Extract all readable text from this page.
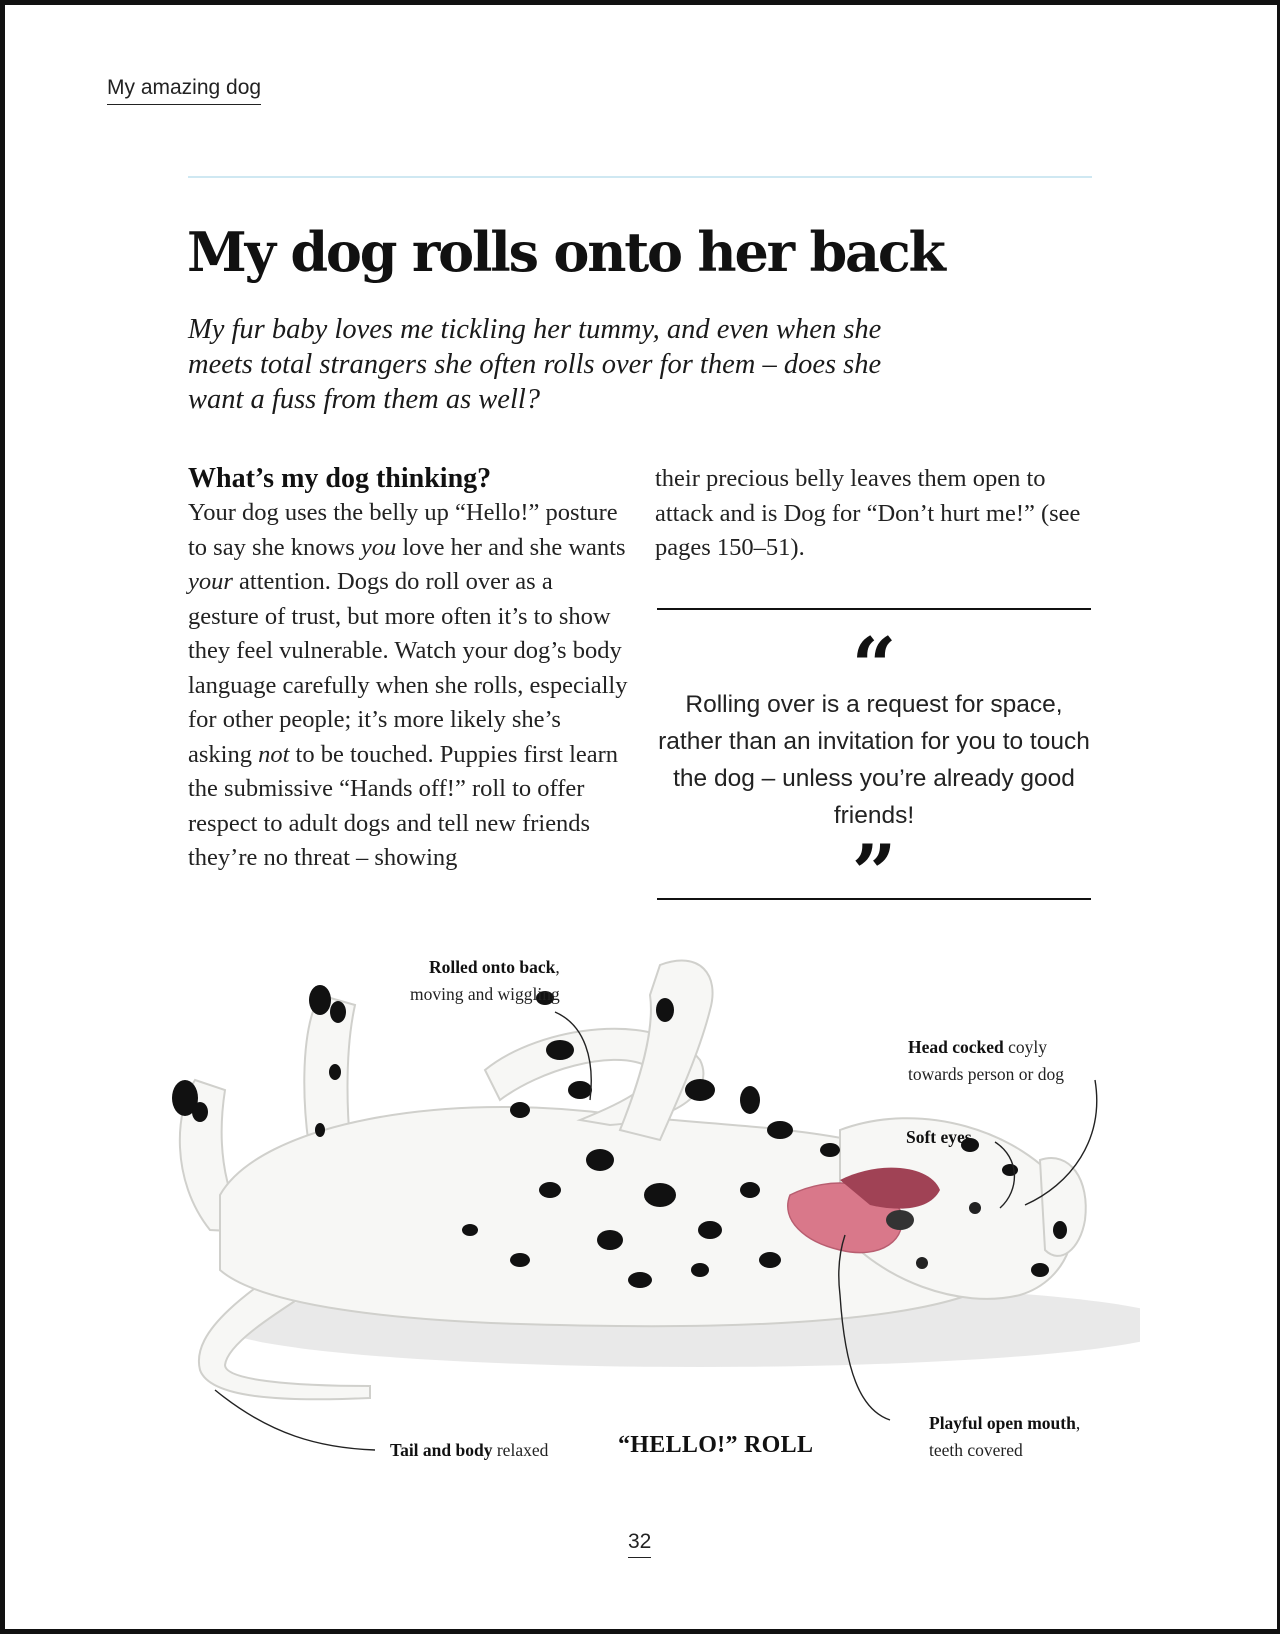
My amazing dog
My dog rolls onto her back

My fur baby loves me tickling her tummy, and even when she meets total strangers she often rolls over for them – does she want a fuss from them as well?

What’s my dog thinking?

Your dog uses the belly up “Hello!” posture to say she knows you love her and she wants your attention. Dogs do roll over as a gesture of trust, but more often it’s to show they feel vulnerable. Watch your dog’s body language carefully when she rolls, especially for other people; it’s more likely she’s asking not to be touched. Puppies first learn the submissive “Hands off!” roll to offer respect to adult dogs and tell new friends they’re no threat – showing

their precious belly leaves them open to attack and is Dog for “Don’t hurt me!” (see pages 150–51).

“

Rolling over is a request for space, rather than an invitation for you to touch the dog – unless you’re already good friends!

”
Rolled onto back,
moving and wiggling
Head cocked coyly
towards person or dog
Soft eyes
Playful open mouth,
teeth covered
Tail and body relaxed	“HELLO!” ROLL
32
